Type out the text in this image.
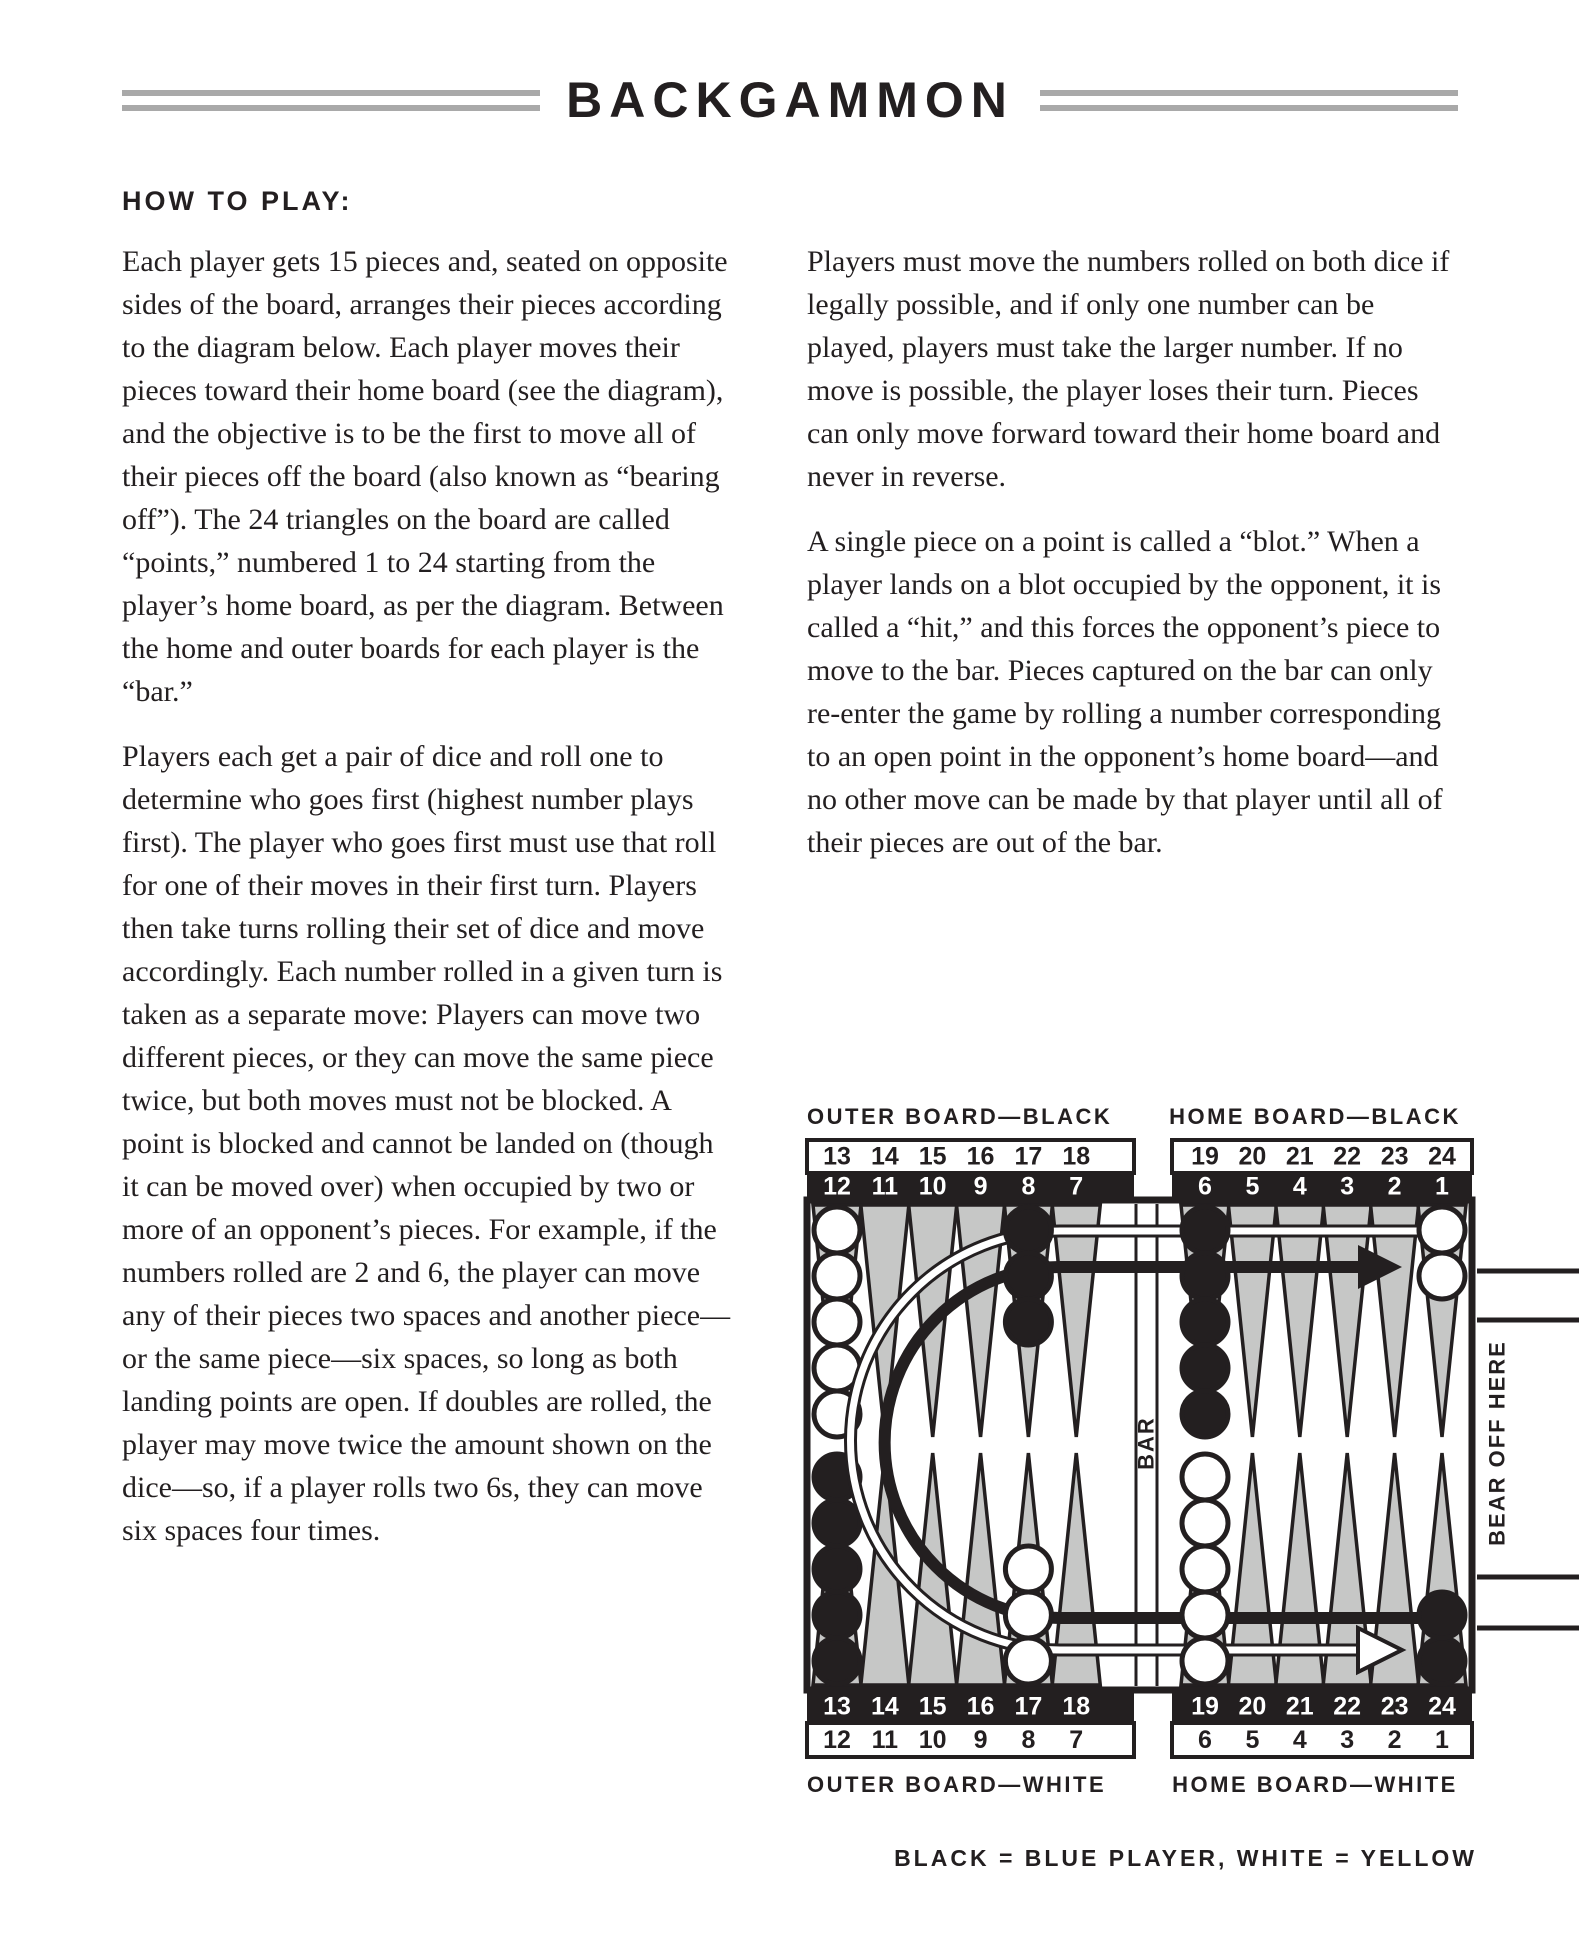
BACKGAMMON
HOW TO PLAY:

Each player gets 15 pieces and, seated on opposite sides of the board, arranges their pieces according to the diagram below. Each player moves their pieces toward their home board (see the diagram), and the objective is to be the first to move all of their pieces off the board (also known as “bearing off”). The 24 triangles on the board are called “points,” numbered 1 to 24 starting from the player’s home board, as per the diagram. Between the home and outer boards for each player is the “bar.”

Players each get a pair of dice and roll one to determine who goes first (highest number plays first). The player who goes first must use that roll for one of their moves in their first turn. Players then take turns rolling their set of dice and move accordingly. Each number rolled in a given turn is taken as a separate move: Players can move two different pieces, or they can move the same piece twice, but both moves must not be blocked. A point is blocked and cannot be landed on (though it can be moved over) when occupied by two or more of an opponent’s pieces. For example, if the numbers rolled are 2 and 6, the player can move any of their pieces two spaces and another piece—or the same piece—six spaces, so long as both landing points are open. If doubles are rolled, the player may move twice the amount shown on the dice—so, if a player rolls two 6s, they can move six spaces four times.

Players must move the numbers rolled on both dice if legally possible, and if only one number can be played, players must take the larger number. If no move is possible, the player loses their turn. Pieces can only move forward toward their home board and never in reverse.

A single piece on a point is called a “blot.” When a player lands on a blot occupied by the opponent, it is called a “hit,” and this forces the opponent’s piece to move to the bar. Pieces captured on the bar can only re-enter the game by rolling a number corresponding to an open point in the opponent’s home board—and no other move can be made by that player until all of their pieces are out of the bar.

BAR
13 14 15 16 17 18	19 20 21 22 23 24
12 11 10 9 8 7	6 5 4 3 2 1
13 14 15 16 17 18	19 20 21 22 23 24
12 11 10 9 8 7	6 5 4 3 2 1
BEAR OFF HERE
OUTER BOARD—BLACK	HOME BOARD—BLACK
OUTER BOARD—WHITE	HOME BOARD—WHITE
BLACK = BLUE PLAYER, WHITE = YELLOW
